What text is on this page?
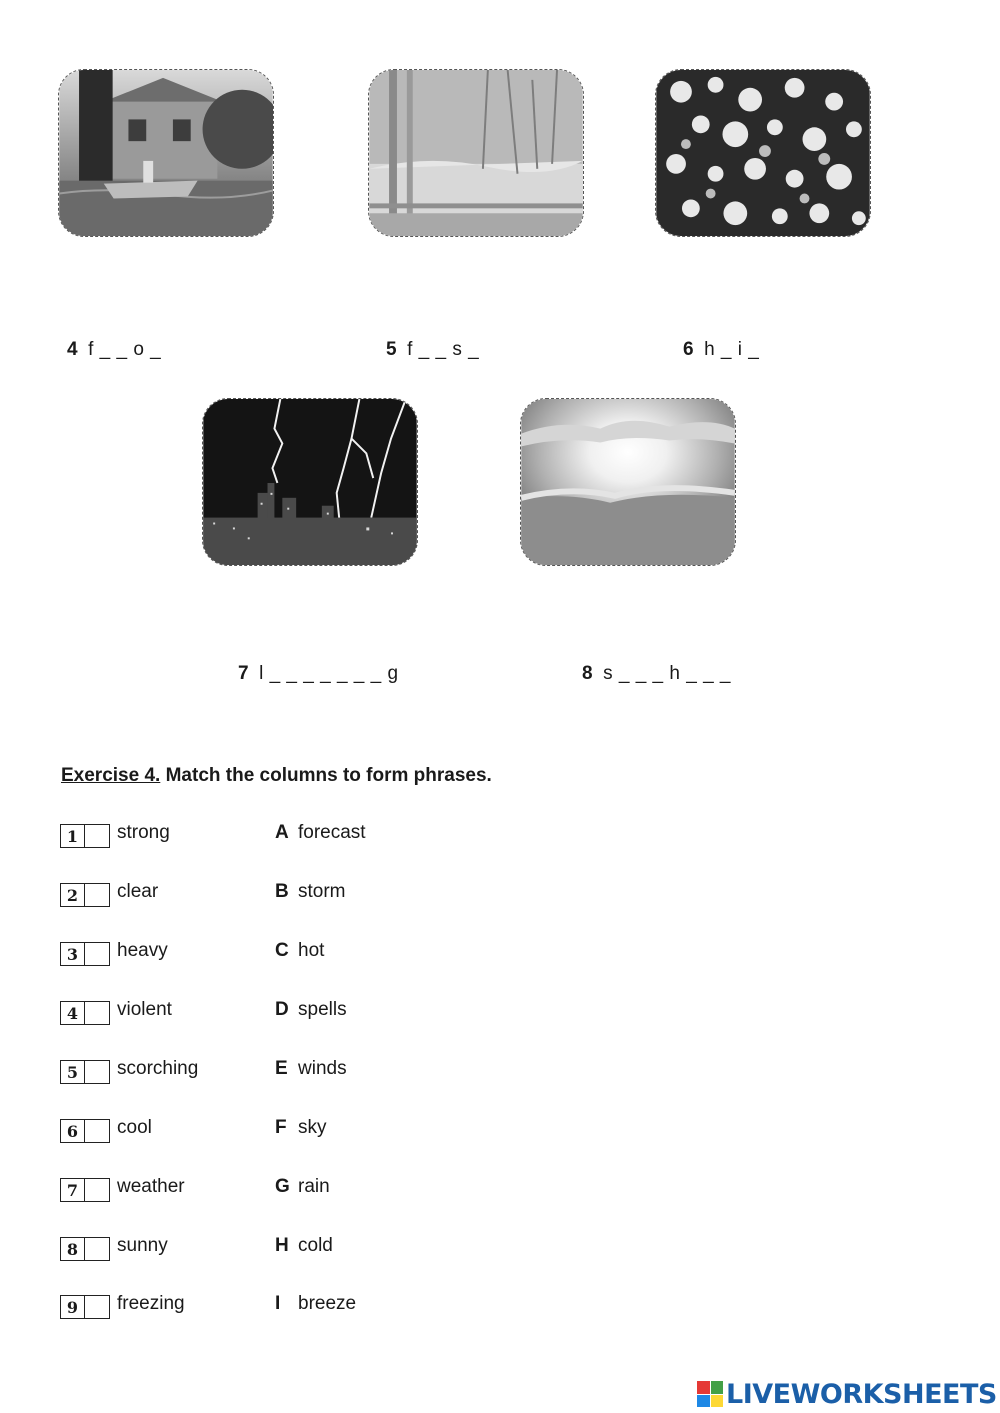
4 f _ _ o _	5 f _ _ s _	6 h _ i _
7 l _ _ _ _ _ _ _ g	8 s _ _ _ h _ _ _
Exercise 4. Match the columns to form phrases.
1	strong	A forecast
2	clear	B storm
3	heavy	C hot
4	violent	D spells
5	scorching	E winds
6	cool	F sky
7	weather	G rain
8	sunny	H cold
9	freezing	I breeze
LIVEWORKSHEETS
